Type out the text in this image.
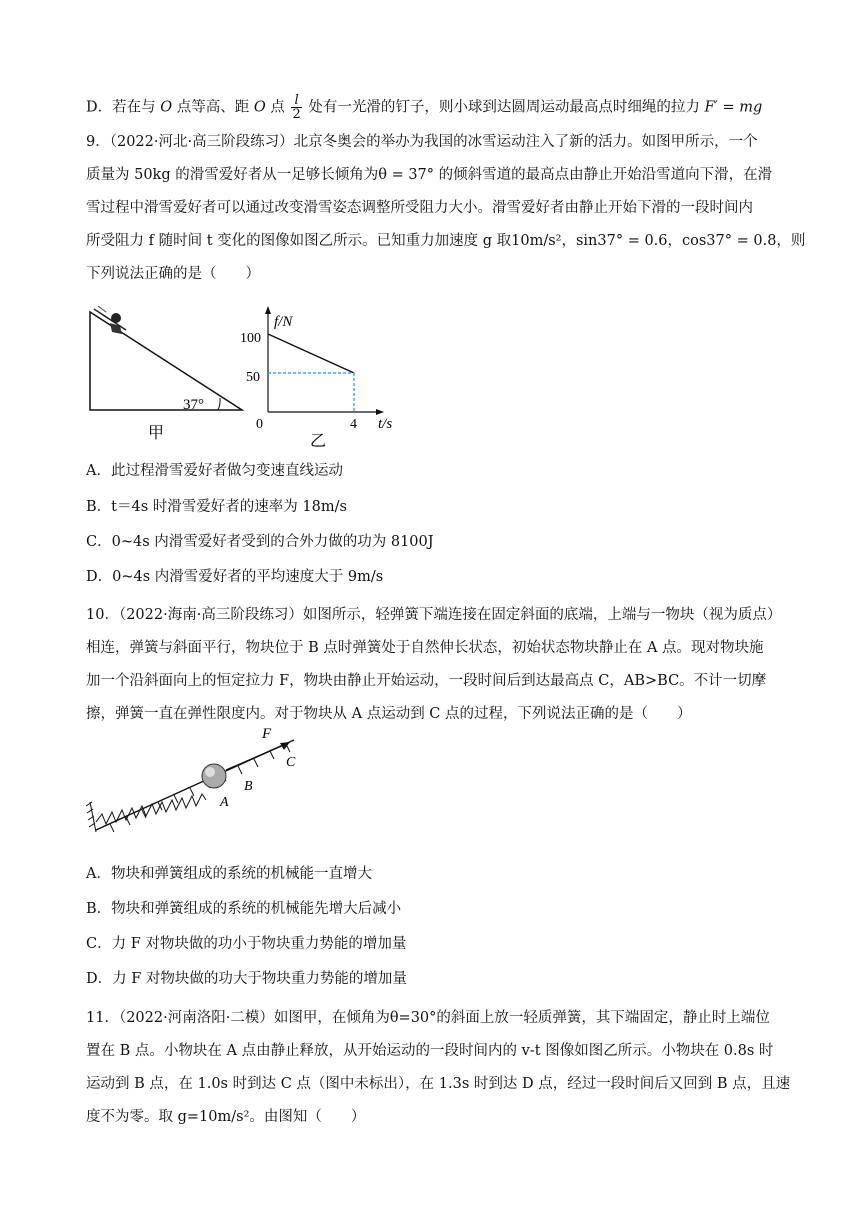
D．若在与 O 点等高、距 O 点 $\frac{l}{2}$ 处有一光滑的钉子，则小球到达圆周运动最高点时细绳的拉力 F′ = mg
9．（2022·河北·高三阶段练习）北京冬奥会的举办为我国的冰雪运动注入了新的活力。如图甲所示，一个
质量为 50kg 的滑雪爱好者从一足够长倾角为θ = 37° 的倾斜雪道的最高点由静止开始沿雪道向下滑，在滑
雪过程中滑雪爱好者可以通过改变滑雪姿态调整所受阻力大小。滑雪爱好者由静止开始下滑的一段时间内
所受阻力 f 随时间 t 变化的图像如图乙所示。已知重力加速度 g 取10m/s²，sin37° = 0.6，cos37° = 0.8，则
下列说法正确的是（　　）
37°
甲
f/N
t/s
0
100
50
4
乙
A．此过程滑雪爱好者做匀变速直线运动
B．t＝4s 时滑雪爱好者的速率为 18m/s
C．0~4s 内滑雪爱好者受到的合外力做的功为 8100J
D．0~4s 内滑雪爱好者的平均速度大于 9m/s
10．（2022·海南·高三阶段练习）如图所示，轻弹簧下端连接在固定斜面的底端，上端与一物块（视为质点）
相连，弹簧与斜面平行，物块位于 B 点时弹簧处于自然伸长状态，初始状态物块静止在 A 点。现对物块施
加一个沿斜面向上的恒定拉力 F，物块由静止开始运动，一段时间后到达最高点 C，AB>BC。不计一切摩
擦，弹簧一直在弹性限度内。对于物块从 A 点运动到 C 点的过程，下列说法正确的是（　　）
F
A
B
C
A．物块和弹簧组成的系统的机械能一直增大
B．物块和弹簧组成的系统的机械能先增大后减小
C．力 F 对物块做的功小于物块重力势能的增加量
D．力 F 对物块做的功大于物块重力势能的增加量
11．（2022·河南洛阳·二模）如图甲，在倾角为θ=30°的斜面上放一轻质弹簧，其下端固定，静止时上端位
置在 B 点。小物块在 A 点由静止释放，从开始运动的一段时间内的 v-t 图像如图乙所示。小物块在 0.8s 时
运动到 B 点，在 1.0s 时到达 C 点（图中未标出），在 1.3s 时到达 D 点，经过一段时间后又回到 B 点，且速
度不为零。取 g=10m/s²。由图知（　　）
